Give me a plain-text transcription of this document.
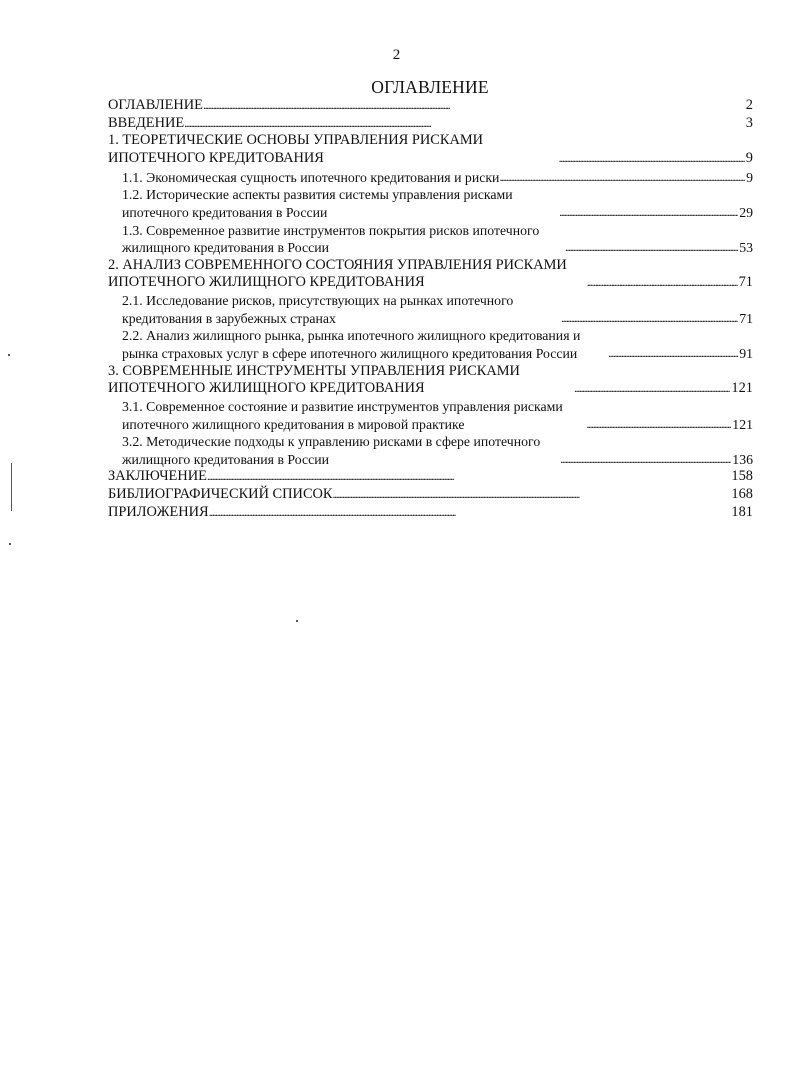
2
ОГЛАВЛЕНИЕ
ОГЛАВЛЕНИЕ . . .	2
ВВЕДЕНИЕ . . .	3
1. ТЕОРЕТИЧЕСКИЕ ОСНОВЫ УПРАВЛЕНИЯ РИСКАМИ ИПОТЕЧНОГО КРЕДИТОВАНИЯ . . .	9
1.1. Экономическая сущность ипотечного кредитования и риски . . .	9
1.2. Исторические аспекты развития системы управления рисками ипотечного кредитования в России . . .	29
1.3. Современное развитие инструментов покрытия рисков ипотечного жилищного кредитования в России . . .	53
2. АНАЛИЗ СОВРЕМЕННОГО СОСТОЯНИЯ УПРАВЛЕНИЯ РИСКАМИ ИПОТЕЧНОГО ЖИЛИЩНОГО КРЕДИТОВАНИЯ . . .	71
2.1. Исследование рисков, присутствующих на рынках ипотечного кредитования в зарубежных странах . . .	71
2.2. Анализ жилищного рынка, рынка ипотечного жилищного кредитования и рынка страховых услуг в сфере ипотечного жилищного кредитования России . . .	91
3. СОВРЕМЕННЫЕ ИНСТРУМЕНТЫ УПРАВЛЕНИЯ РИСКАМИ ИПОТЕЧНОГО ЖИЛИЩНОГО КРЕДИТОВАНИЯ . . .	121
3.1. Современное состояние и развитие инструментов управления рисками ипотечного жилищного кредитования в мировой практике . . .	121
3.2. Методические подходы к управлению рисками в сфере ипотечного жилищного кредитования в России . . .	136
ЗАКЛЮЧЕНИЕ . . .	158
БИБЛИОГРАФИЧЕСКИЙ СПИСОК . . .	168
ПРИЛОЖЕНИЯ . . .	181
